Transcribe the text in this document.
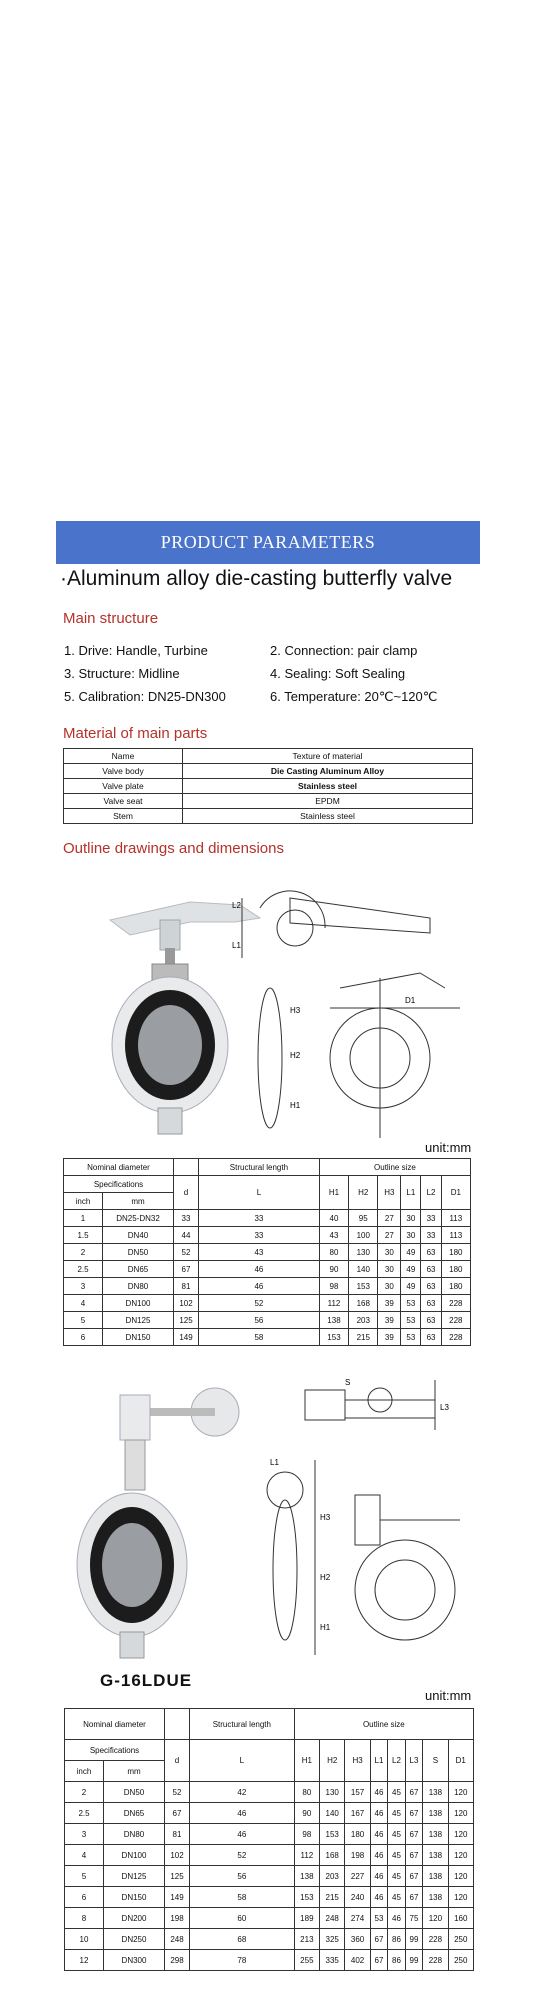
PRODUCT PARAMETERS
·Aluminum alloy die-casting butterfly valve
Main structure
1. Drive: Handle, Turbine	2. Connection: pair clamp
3. Structure: Midline	4. Sealing: Soft Sealing
5. Calibration: DN25-DN300	6. Temperature: 20℃~120℃
Material of main parts
Name	Texture of material
Valve body	Die Casting Aluminum Alloy
Valve plate	Stainless steel
Valve seat	EPDM
Stem	Stainless steel
Outline drawings and dimensions
L2
L1
D1
H3
H2
H1
unit:mm
Nominal diameter			Structural length	Outline size					
Specifications		d	L	H1	H2	H3	L1	L2	D1
inch	mm								
1	DN25-DN32	33	33	40	95	27	30	33	113
1.5	DN40	44	33	43	100	27	30	33	113
2	DN50	52	43	80	130	30	49	63	180
2.5	DN65	67	46	90	140	30	49	63	180
3	DN80	81	46	98	153	30	49	63	180
4	DN100	102	52	112	168	39	53	63	228
5	DN125	125	56	138	203	39	53	63	228
6	DN150	149	58	153	215	39	53	63	228
S
L3
L1
H3
H2
H1
G-16LDUE
unit:mm
Nominal diameter			Structural length	Outline size							
Specifications		d	L	H1	H2	H3	L1	L2	L3	S	D1
inch	mm										
2	DN50	52	42	80	130	157	46	45	67	138	120
2.5	DN65	67	46	90	140	167	46	45	67	138	120
3	DN80	81	46	98	153	180	46	45	67	138	120
4	DN100	102	52	112	168	198	46	45	67	138	120
5	DN125	125	56	138	203	227	46	45	67	138	120
6	DN150	149	58	153	215	240	46	45	67	138	120
8	DN200	198	60	189	248	274	53	46	75	120	160
10	DN250	248	68	213	325	360	67	86	99	228	250
12	DN300	298	78	255	335	402	67	86	99	228	250
